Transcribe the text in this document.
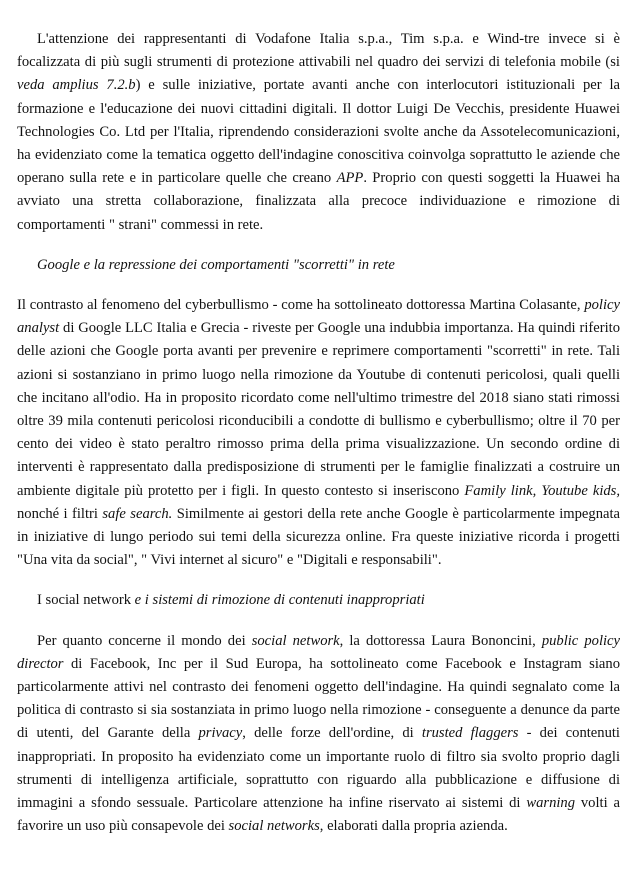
L'attenzione dei rappresentanti di Vodafone Italia s.p.a., Tim s.p.a. e Wind-tre invece si è focalizzata di più sugli strumenti di protezione attivabili nel quadro dei servizi di telefonia mobile (si veda amplius 7.2.b) e sulle iniziative, portate avanti anche con interlocutori istituzionali per la formazione e l'educazione dei nuovi cittadini digitali. Il dottor Luigi De Vecchis, presidente Huawei Technologies Co. Ltd per l'Italia, riprendendo considerazioni svolte anche da Assotelecomunicazioni, ha evidenziato come la tematica oggetto dell'indagine conoscitiva coinvolga soprattutto le aziende che operano sulla rete e in particolare quelle che creano APP. Proprio con questi soggetti la Huawei ha avviato una stretta collaborazione, finalizzata alla precoce individuazione e rimozione di comportamenti " strani" commessi in rete.

Google e la repressione dei comportamenti "scorretti" in rete

Il contrasto al fenomeno del cyberbullismo - come ha sottolineato dottoressa Martina Colasante, policy analyst di Google LLC Italia e Grecia - riveste per Google una indubbia importanza. Ha quindi riferito delle azioni che Google porta avanti per prevenire e reprimere comportamenti "scorretti" in rete. Tali azioni si sostanziano in primo luogo nella rimozione da Youtube di contenuti pericolosi, quali quelli che incitano all'odio. Ha in proposito ricordato come nell'ultimo trimestre del 2018 siano stati rimossi oltre 39 mila contenuti pericolosi riconducibili a condotte di bullismo e cyberbullismo; oltre il 70 per cento dei video è stato peraltro rimosso prima della prima visualizzazione. Un secondo ordine di interventi è rappresentato dalla predisposizione di strumenti per le famiglie finalizzati a costruire un ambiente digitale più protetto per i figli. In questo contesto si inseriscono Family link, Youtube kids, nonché i filtri safe search. Similmente ai gestori della rete anche Google è particolarmente impegnata in iniziative di lungo periodo sui temi della sicurezza online. Fra queste iniziative ricorda i progetti "Una vita da social", " Vivi internet al sicuro" e "Digitali e responsabili".

I social network e i sistemi di rimozione di contenuti inappropriati

Per quanto concerne il mondo dei social network, la dottoressa Laura Bononcini, public policy director di Facebook, Inc per il Sud Europa, ha sottolineato come Facebook e Instagram siano particolarmente attivi nel contrasto dei fenomeni oggetto dell'indagine. Ha quindi segnalato come la politica di contrasto si sia sostanziata in primo luogo nella rimozione - conseguente a denunce da parte di utenti, del Garante della privacy, delle forze dell'ordine, di trusted flaggers - dei contenuti inappropriati. In proposito ha evidenziato come un importante ruolo di filtro sia svolto proprio dagli strumenti di intelligenza artificiale, soprattutto con riguardo alla pubblicazione e diffusione di immagini a sfondo sessuale. Particolare attenzione ha infine riservato ai sistemi di warning volti a favorire un uso più consapevole dei social networks, elaborati dalla propria azienda.
